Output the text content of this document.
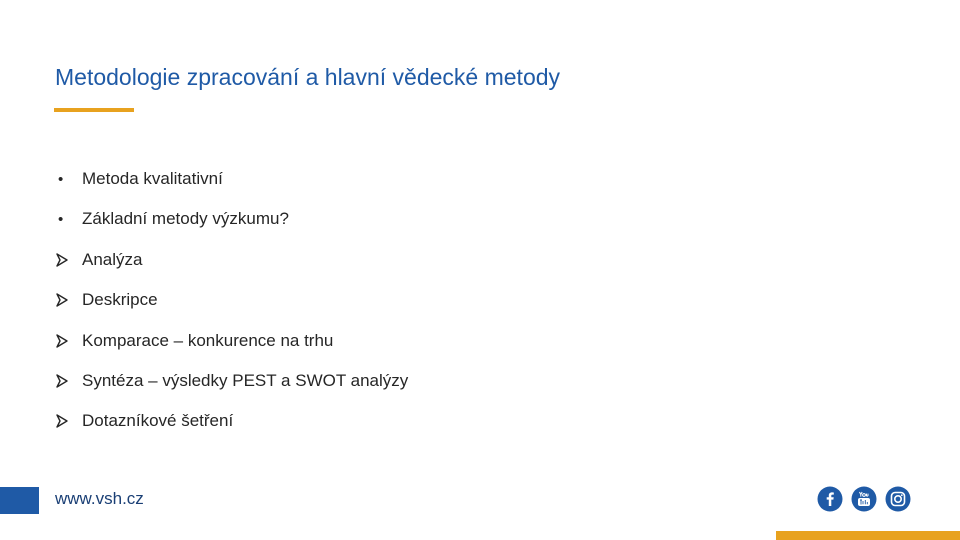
Metodologie zpracování a hlavní vědecké metody
•	Metoda kvalitativní
•	Základní metody výzkumu?
Analýza
Deskripce
Komparace – konkurence na trhu
Syntéza – výsledky PEST a SWOT analýzy
Dotazníkové šetření
www.vsh.cz
